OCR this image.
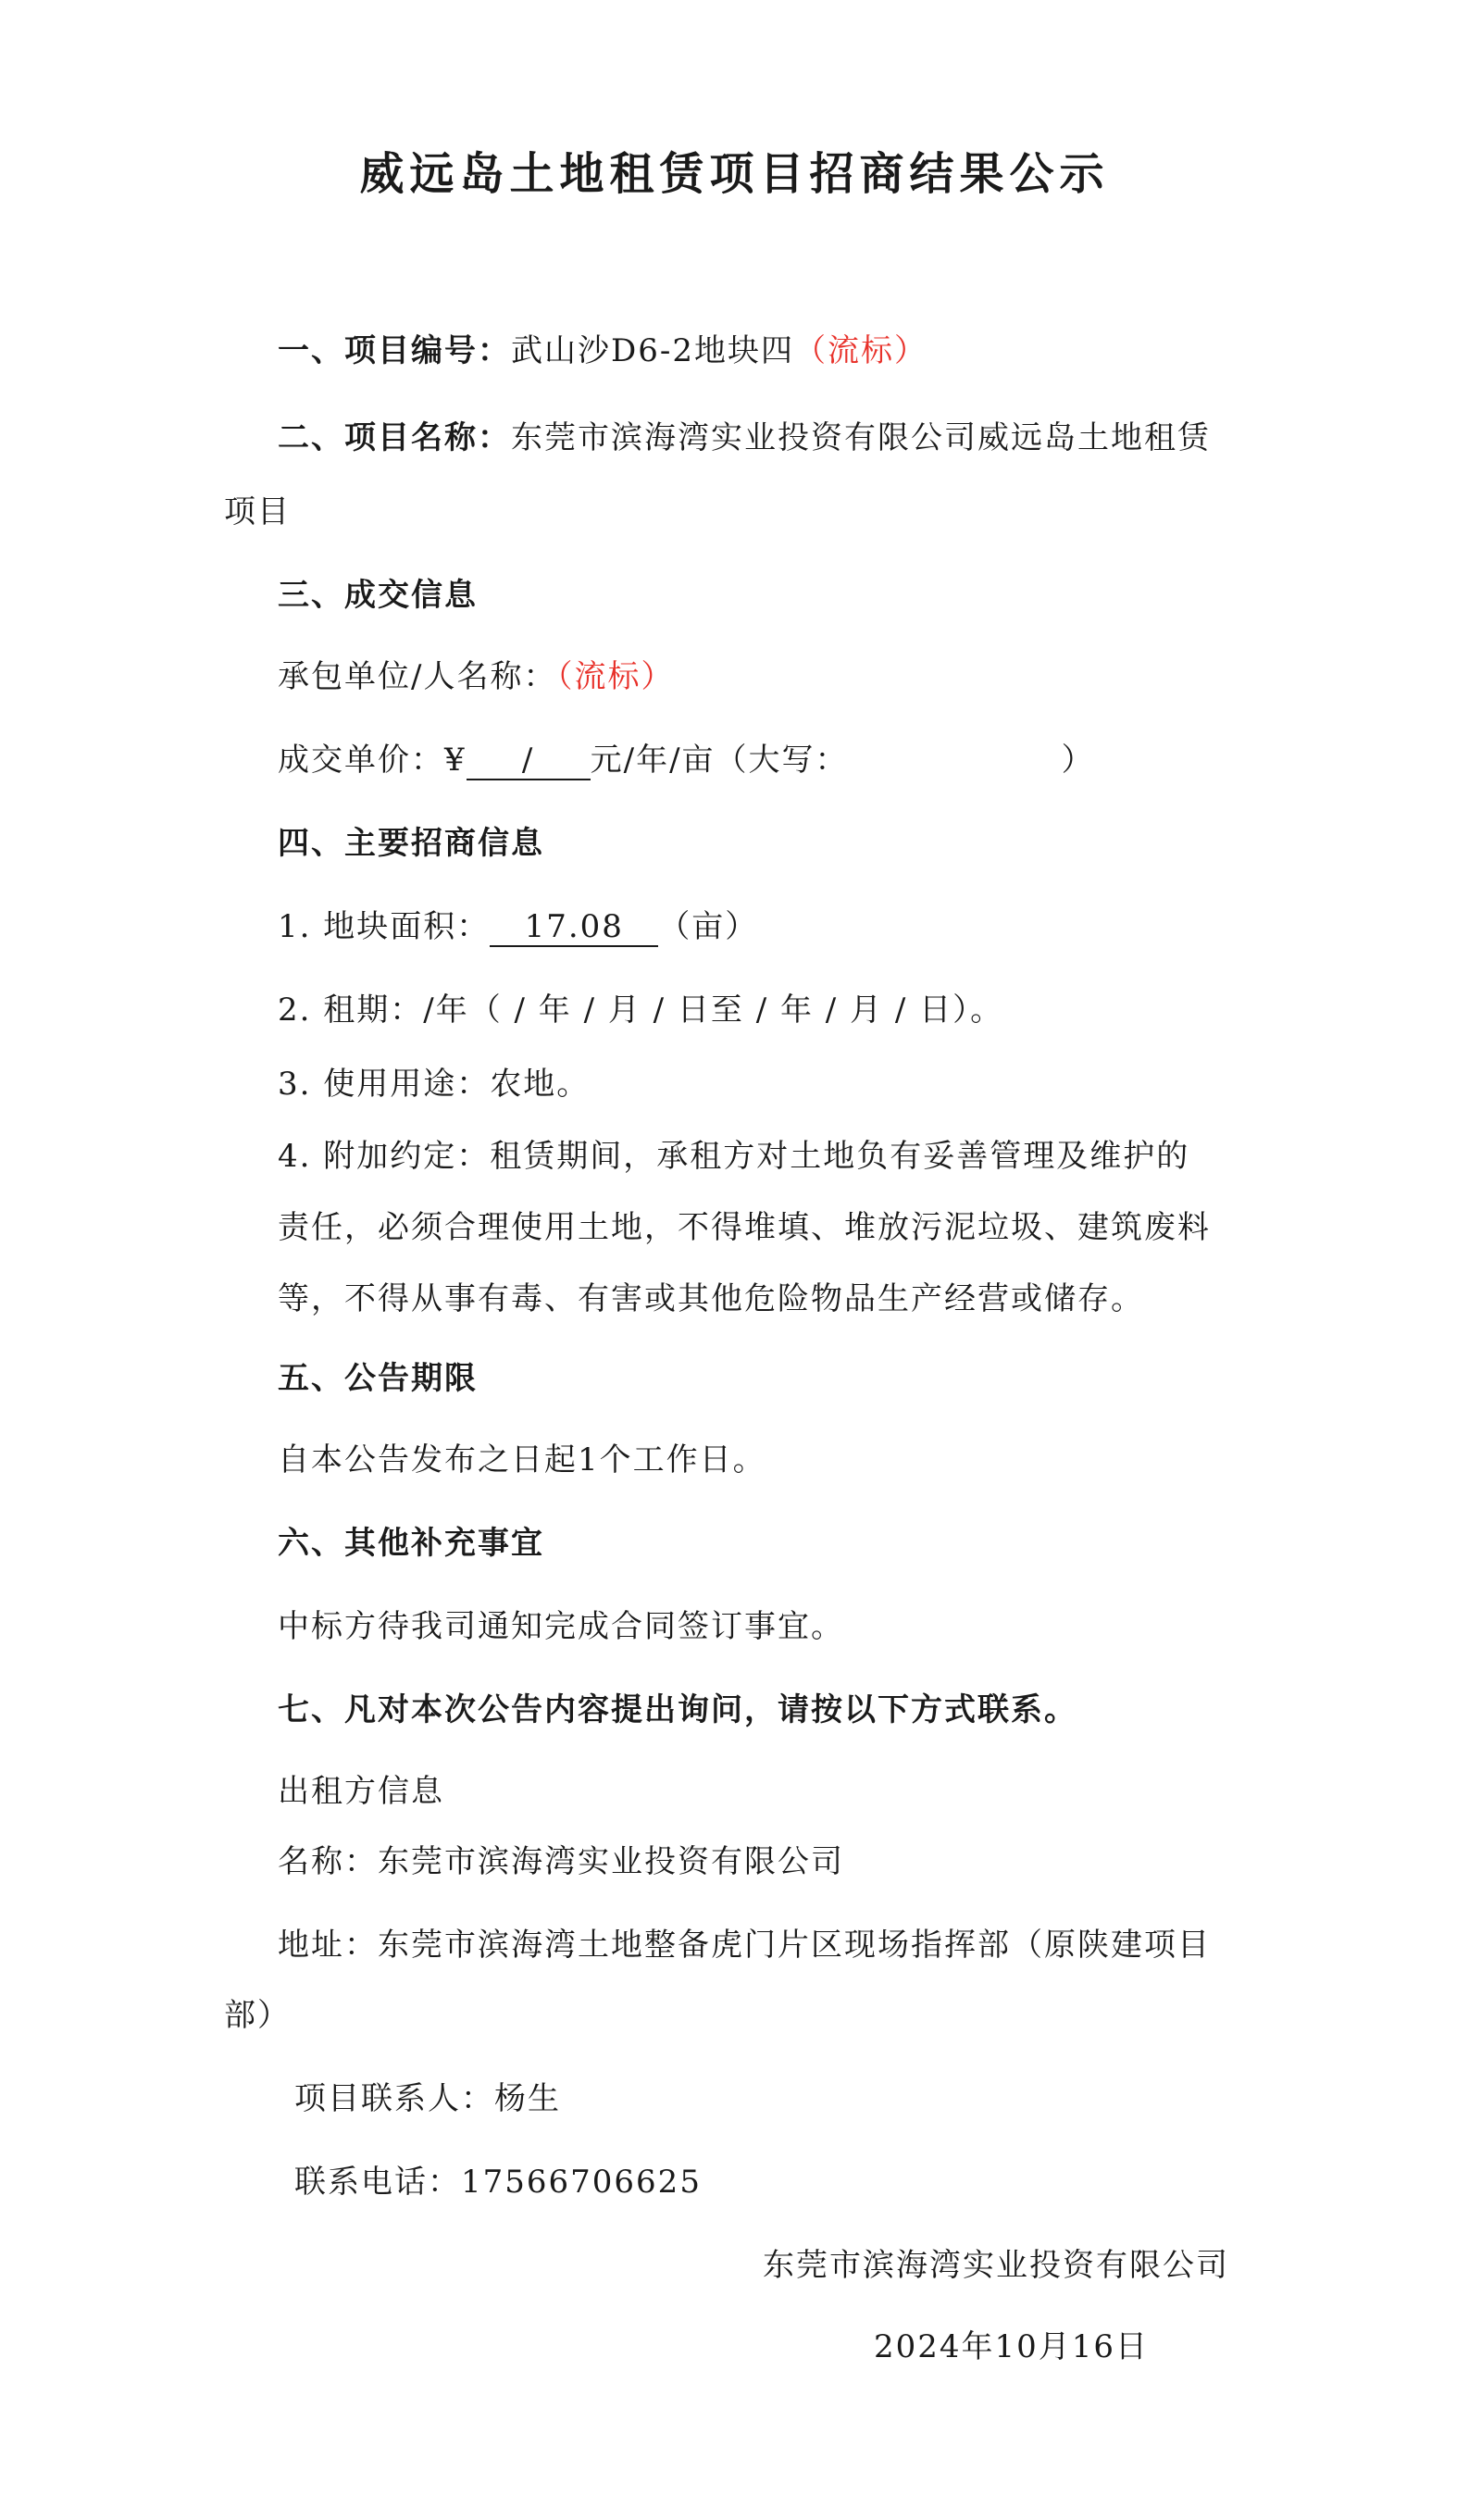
威远岛土地租赁项目招商结果公示
一、项目编号：武山沙D6-2地块四（流标）
二、项目名称：东莞市滨海湾实业投资有限公司威远岛土地租赁
项目
三、成交信息
承包单位/人名称：（流标）
成交单价：¥ / 元/年/亩（大写：	）
四、主要招商信息
1. 地块面积： 17.08 （亩）
2. 租期：/年（ / 年 / 月 / 日至 / 年 / 月 / 日）。
3. 使用用途：农地。
4. 附加约定：租赁期间，承租方对土地负有妥善管理及维护的
责任，必须合理使用土地，不得堆填、堆放污泥垃圾、建筑废料
等，不得从事有毒、有害或其他危险物品生产经营或储存。
五、公告期限
自本公告发布之日起1个工作日。
六、其他补充事宜
中标方待我司通知完成合同签订事宜。
七、凡对本次公告内容提出询问，请按以下方式联系。
出租方信息
名称：东莞市滨海湾实业投资有限公司
地址：东莞市滨海湾土地整备虎门片区现场指挥部（原陕建项目
部）
项目联系人：杨生
联系电话：17566706625
东莞市滨海湾实业投资有限公司
2024年10月16日
